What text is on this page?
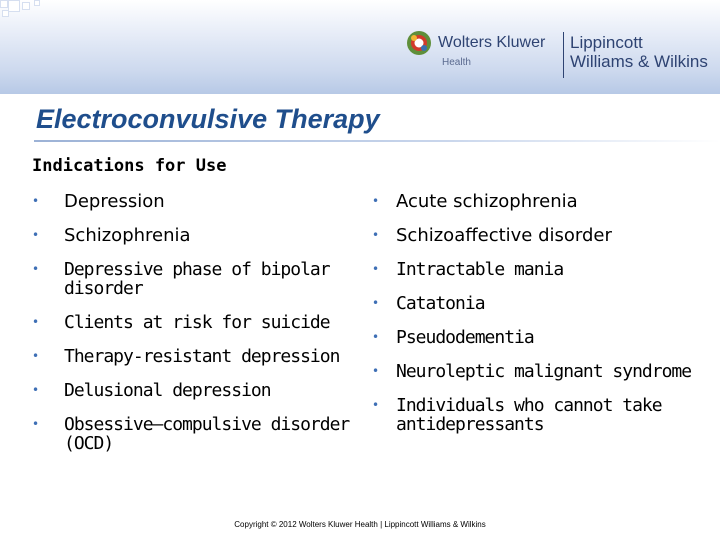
Wolters Kluwer
Health
Lippincott
Williams & Wilkins
Electroconvulsive Therapy
Indications for Use
• Depression
• Schizophrenia
• Depressive phase of bipolar disorder
• Clients at risk for suicide
• Therapy-resistant depression
• Delusional depression
• Obsessive–compulsive disorder (OCD)
• Acute schizophrenia
• Schizoaffective disorder
• Intractable mania
• Catatonia
• Pseudodementia
• Neuroleptic malignant syndrome
• Individuals who cannot take antidepressants
Copyright © 2012 Wolters Kluwer Health | Lippincott Williams & Wilkins
